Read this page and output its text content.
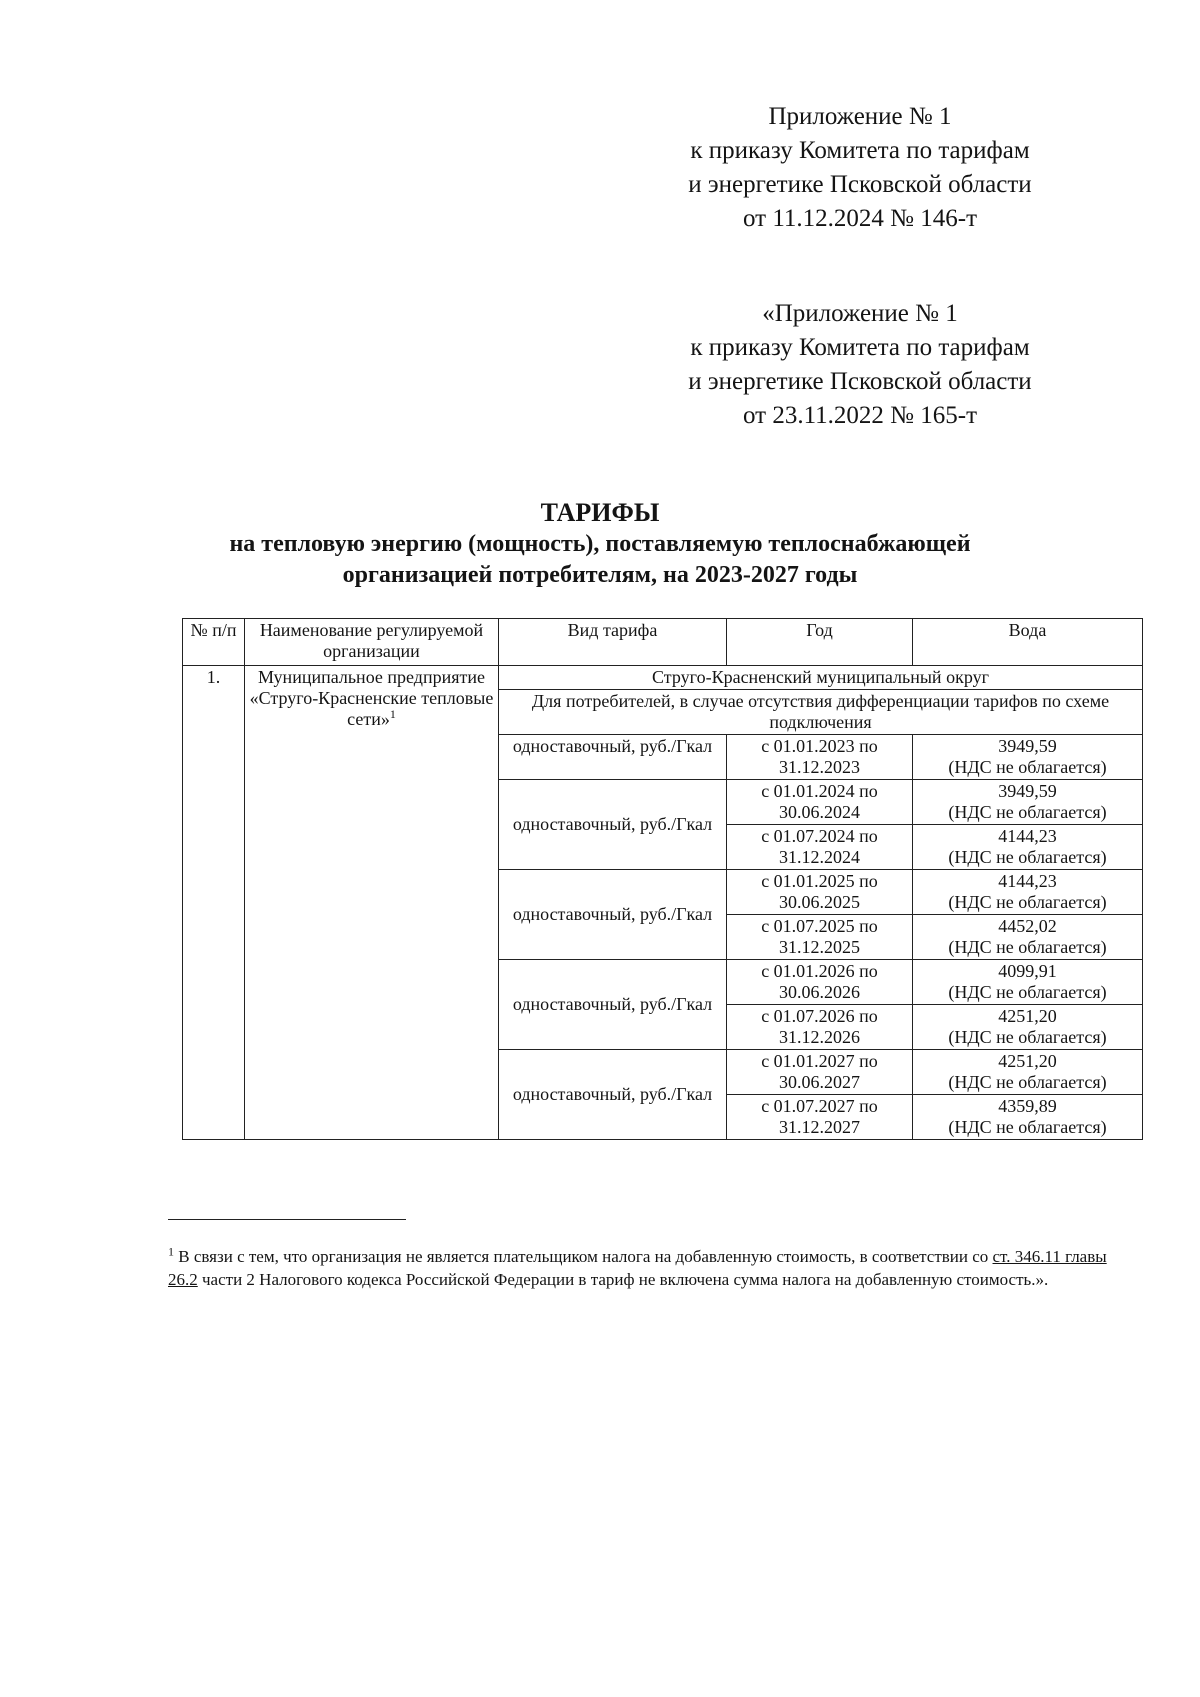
Приложение № 1
к приказу Комитета по тарифам
и энергетике Псковской области
от 11.12.2024 № 146-т
«Приложение № 1
к приказу Комитета по тарифам
и энергетике Псковской области
от 23.11.2022 № 165-т
ТАРИФЫ
на тепловую энергию (мощность), поставляемую теплоснабжающей
организацией потребителям, на 2023-2027 годы
№ п/п	Наименование регулируемой организации	Вид тарифа	Год	Вода
1.	Муниципальное предприятие «Струго-Красненские тепловые сети»$^1$	Струго-Красненский муниципальный округ		
		Для потребителей, в случае отсутствия дифференциации тарифов по схеме подключения		
		одноставочный, руб./Гкал	с 01.01.2023 по 31.12.2023	3949,59
(НДС не облагается)

		одноставочный, руб./Гкал	с 01.01.2024 по 30.06.2024	3949,59
(НДС не облагается)

			с 01.07.2024 по 31.12.2024	4144,23
(НДС не облагается)

		одноставочный, руб./Гкал	с 01.01.2025 по 30.06.2025	4144,23
(НДС не облагается)

			с 01.07.2025 по 31.12.2025	4452,02
(НДС не облагается)

		одноставочный, руб./Гкал	с 01.01.2026 по 30.06.2026	4099,91
(НДС не облагается)

			с 01.07.2026 по 31.12.2026	4251,20
(НДС не облагается)

		одноставочный, руб./Гкал	с 01.01.2027 по 30.06.2027	4251,20
(НДС не облагается)

			с 01.07.2027 по 31.12.2027	4359,89
(НДС не облагается)
$^1$ В связи с тем, что организация не является плательщиком налога на добавленную стоимость, в соответствии со ст. 346.11 главы 26.2 части 2 Налогового кодекса Российской Федерации в тариф не включена сумма налога на добавленную стоимость.».
